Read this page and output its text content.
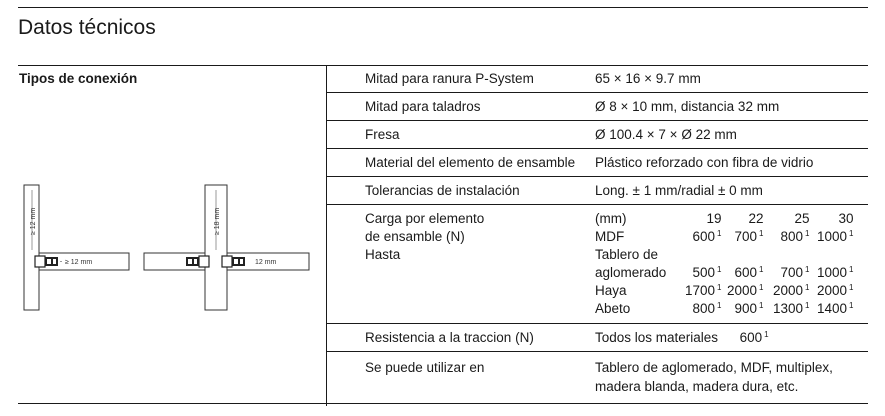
Datos técnicos
Tipos de conexión
≥ 12 mm
≥ 12 mm
≥ 18 mm
12 mm
Mitad para ranura P-System	65 × 16 × 9.7 mm
Mitad para taladros	Ø 8 × 10 mm, distancia 32 mm
Fresa	Ø 100.4 × 7 × Ø 22 mm
Material del elemento de ensamble	Plástico reforzado con fibra de vidrio
Tolerancias de instalación	Long. ± 1 mm/radial ± 0 mm

Carga por elemento
de ensamble (N)
Hasta

(mm)	19	22	25	30
MDF	600 $^1$	700 $^1$	800 $^1$	1000 $^1$
Tablero de				
aglomerado	500 $^1$	600 $^1$	700 $^1$	1000 $^1$
Haya	1700 $^1$	2000 $^1$	2000 $^1$	2000 $^1$
Abeto	800 $^1$	900 $^1$	1300 $^1$	1400 $^1$

Resistencia a la traccion (N)	Todos los materiales 600 $^1$
Se puede utilizar en	Tablero de aglomerado, MDF, multiplex,
madera blanda, madera dura, etc.
